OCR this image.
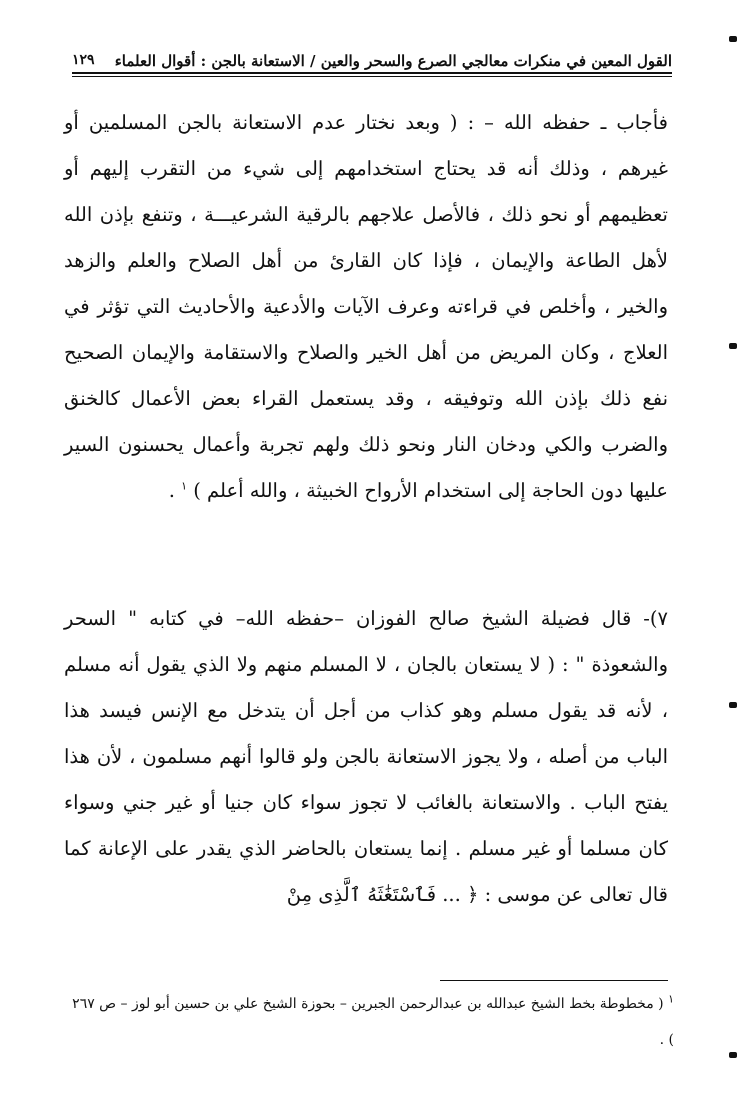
القول المعين في منكرات معالجي الصرع والسحر والعين / الاستعانة بالجن : أقوال العلماء
١٢٩

فأجاب ـ حفظه الله – : ( وبعد نختار عدم الاستعانة بالجن المسلمين أو غيرهم ، وذلك أنه قد يحتاج استخدامهم إلى شيء من التقرب إليهم أو تعظيمهم أو نحو ذلك ، فالأصل علاجهم بالرقية الشرعيـــة ، وتنفع بإذن الله لأهل الطاعة والإيمان ، فإذا كان القارئ من أهل الصلاح والعلم والزهد والخير ، وأخلص في قراءته وعرف الآيات والأدعية والأحاديث التي تؤثر في العلاج ، وكان المريض من أهل الخير والصلاح والاستقامة والإيمان الصحيح نفع ذلك بإذن الله وتوفيقه ، وقد يستعمل القراء بعض الأعمال كالخنق والضرب والكي ودخان النار ونحو ذلك ولهم تجربة وأعمال يحسنون السير عليها دون الحاجة إلى استخدام الأرواح الخبيثة ، والله أعلم ) $^١$ .

٧)- قال فضيلة الشيخ صالح الفوزان –حفظه الله– في كتابه " السحر والشعوذة " : ( لا يستعان بالجان ، لا المسلم منهم ولا الذي يقول أنه مسلم ، لأنه قد يقول مسلم وهو كذاب من أجل أن يتدخل مع الإنس فيسد هذا الباب من أصله ، ولا يجوز الاستعانة بالجن ولو قالوا أنهم مسلمون ، لأن هذا يفتح الباب . والاستعانة بالغائب لا تجوز سواء كان جنيا أو غير جني وسواء كان مسلما أو غير مسلم . إنما يستعان بالحاضر الذي يقدر على الإعانة كما قال تعالى عن موسى : ﴿ ... فَٱسْتَغَٰثَهُ ٱلَّذِى مِنْ

$^١$ ( مخطوطة بخط الشيخ عبدالله بن عبدالرحمن الجبرين – بحوزة الشيخ علي بن حسين أبو لوز – ص ٢٦٧ ) .
